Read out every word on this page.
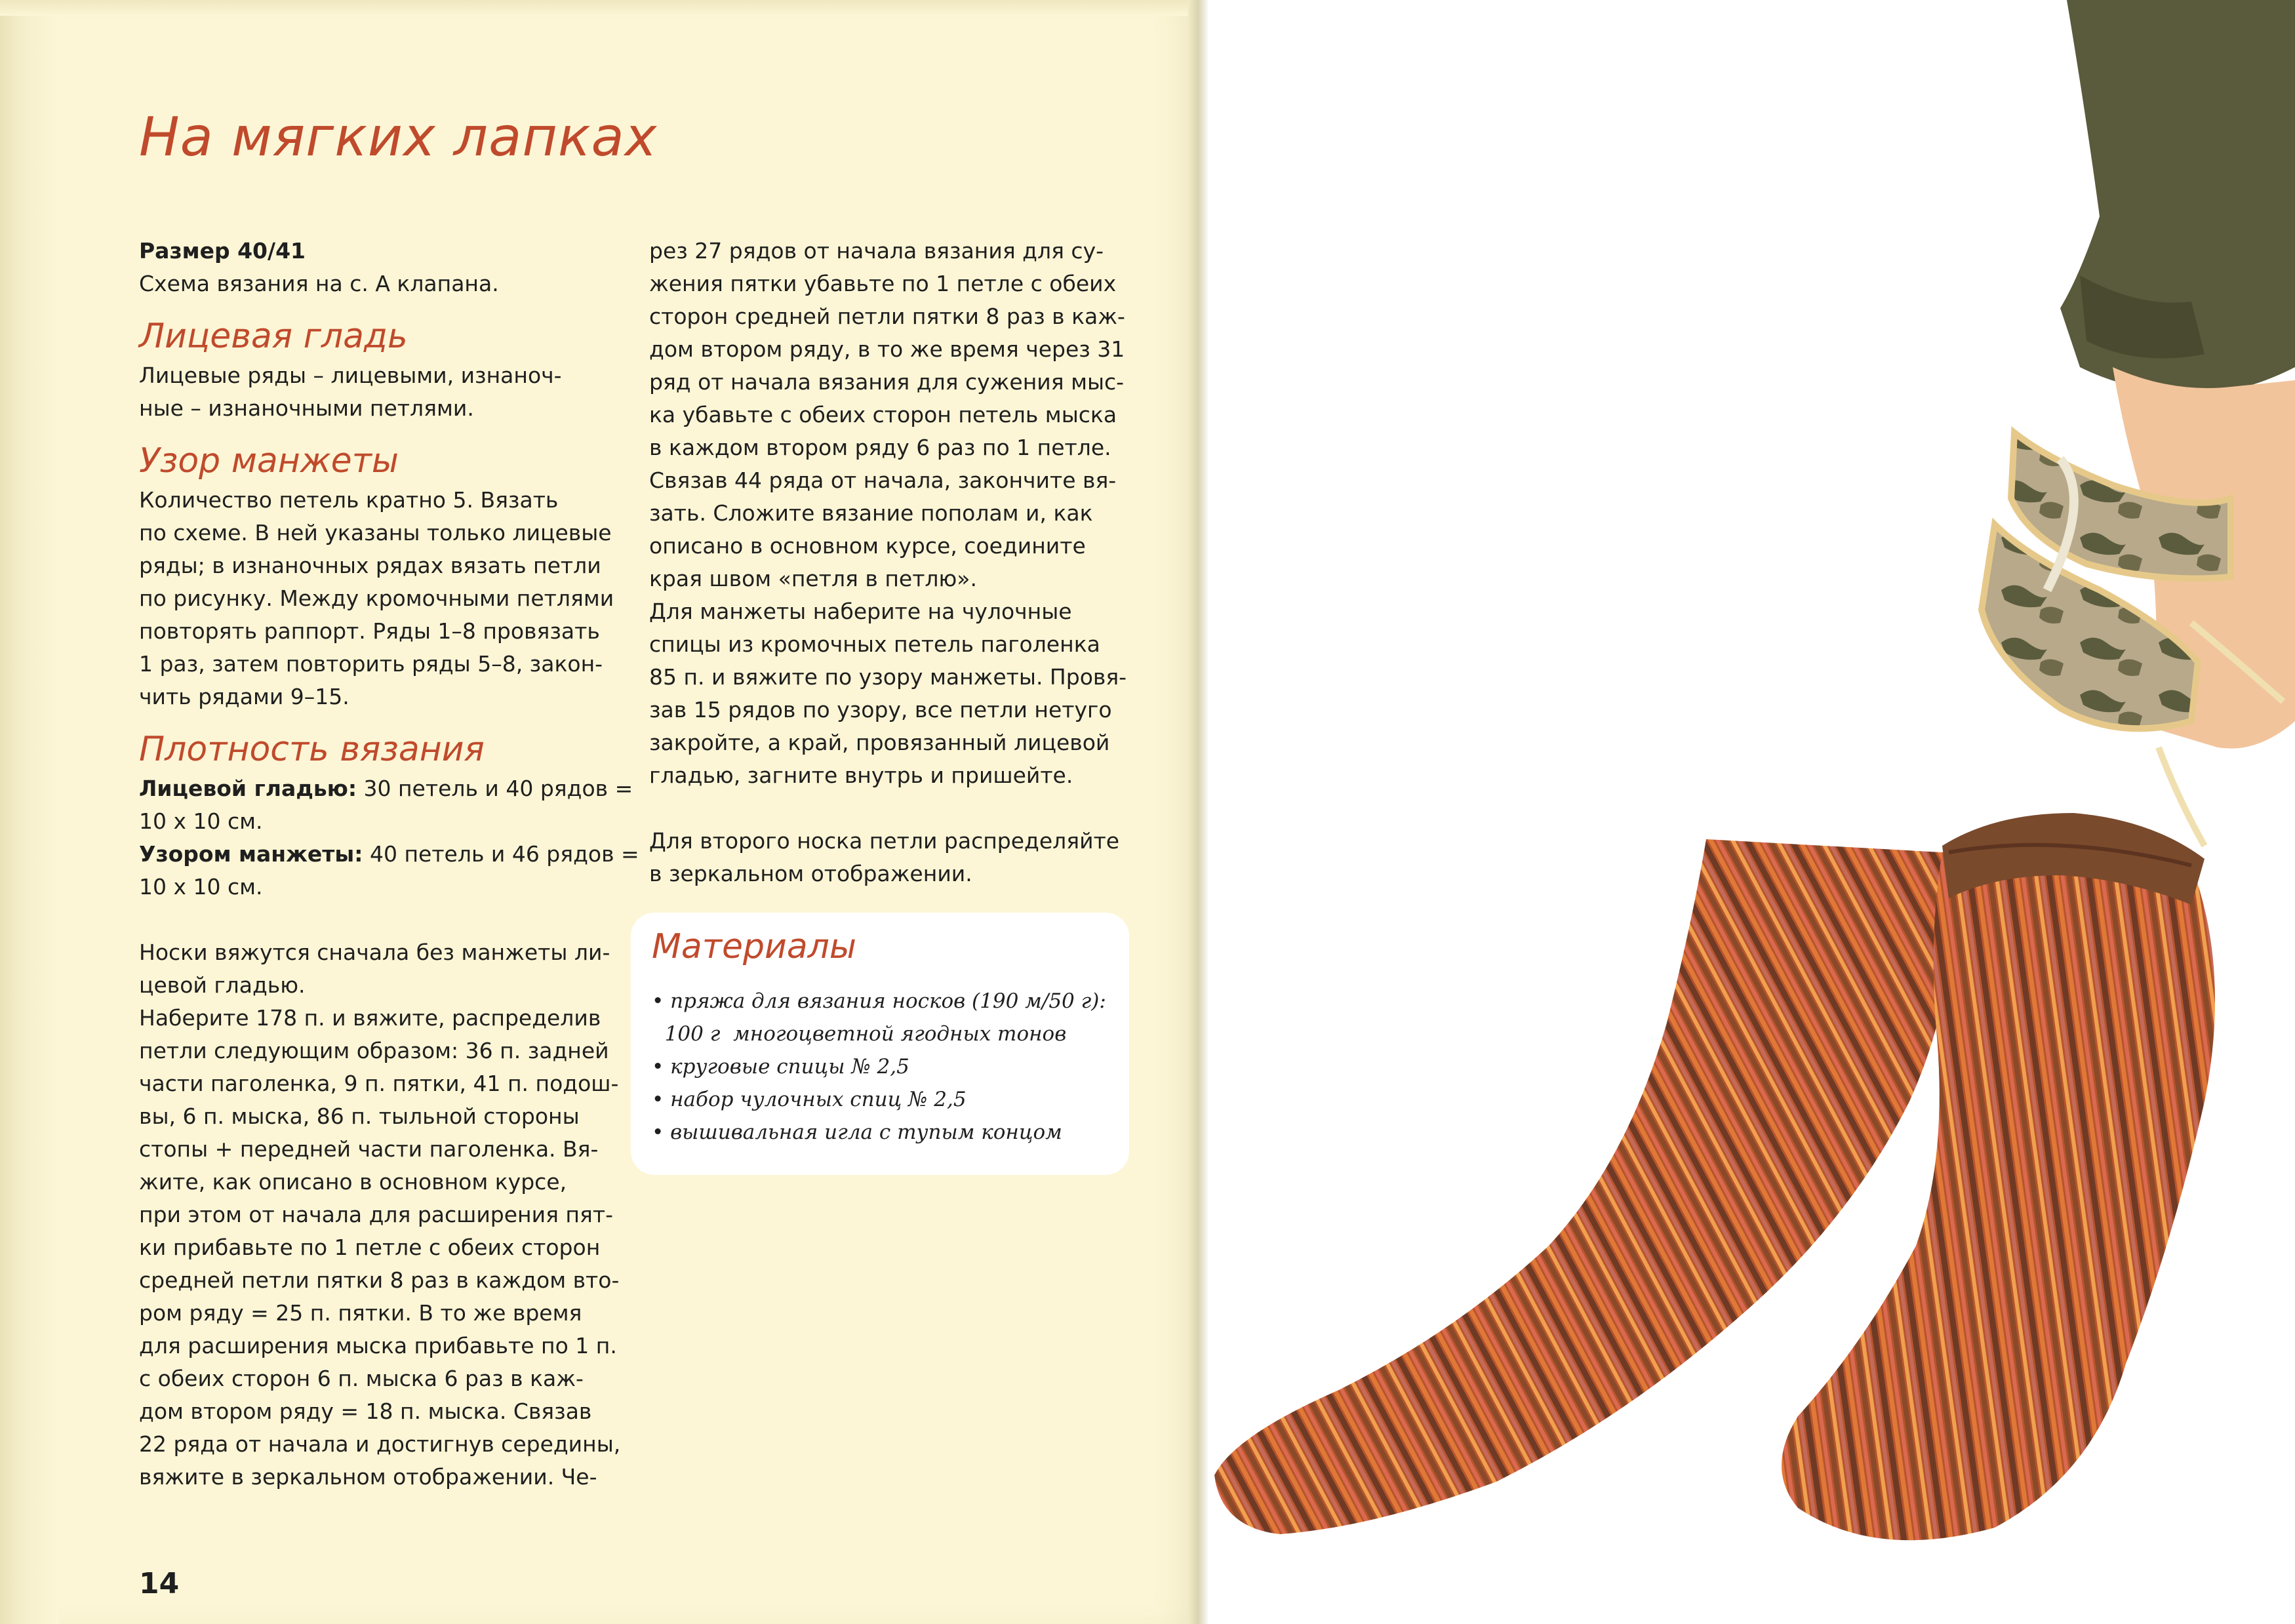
На мягких лапках
Размер 40/41
Схема вязания на с. А клапана.
Лицевая гладь
Лицевые ряды – лицевыми, изнаноч-
ные – изнаночными петлями.
Узор манжеты
Количество петель кратно 5. Вязать
по схеме. В ней указаны только лицевые
ряды; в изнаночных рядах вязать петли
по рисунку. Между кромочными петлями
повторять раппорт. Ряды 1–8 провязать
1 раз, затем повторить ряды 5–8, закон-
чить рядами 9–15.
Плотность вязания
Лицевой гладью: 30 петель и 40 рядов =
10 x 10 см.
Узором манжеты: 40 петель и 46 рядов =
10 x 10 см.
Носки вяжутся сначала без манжеты ли-
цевой гладью.
Наберите 178 п. и вяжите, распределив
петли следующим образом: 36 п. задней
части паголенка, 9 п. пятки, 41 п. подош-
вы, 6 п. мыска, 86 п. тыльной стороны
стопы + передней части паголенка. Вя-
жите, как описано в основном курсе,
при этом от начала для расширения пят-
ки прибавьте по 1 петле с обеих сторон
средней петли пятки 8 раз в каждом вто-
ром ряду = 25 п. пятки. В то же время
для расширения мыска прибавьте по 1 п.
с обеих сторон 6 п. мыска 6 раз в каж-
дом втором ряду = 18 п. мыска. Связав
22 ряда от начала и достигнув середины,
вяжите в зеркальном отображении. Че-
рез 27 рядов от начала вязания для су-
жения пятки убавьте по 1 петле с обеих
сторон средней петли пятки 8 раз в каж-
дом втором ряду, в то же время через 31
ряд от начала вязания для сужения мыс-
ка убавьте с обеих сторон петель мыска
в каждом втором ряду 6 раз по 1 петле.
Связав 44 ряда от начала, закончите вя-
зать. Сложите вязание пополам и, как
описано в основном курсе, соедините
края швом «петля в петлю».
Для манжеты наберите на чулочные
спицы из кромочных петель паголенка
85 п. и вяжите по узору манжеты. Провя-
зав 15 рядов по узору, все петли нетугo
закройте, а край, провязанный лицевой
гладью, загните внутрь и пришейте.
Для второго носка петли распределяйте
в зеркальном отображении.
Материалы
• пряжа для вязания носков (190 м/50 г):
100 г  многоцветной ягодных тонов
• круговые спицы № 2,5
• набор чулочных спиц № 2,5
• вышивальная игла с тупым концом
14
